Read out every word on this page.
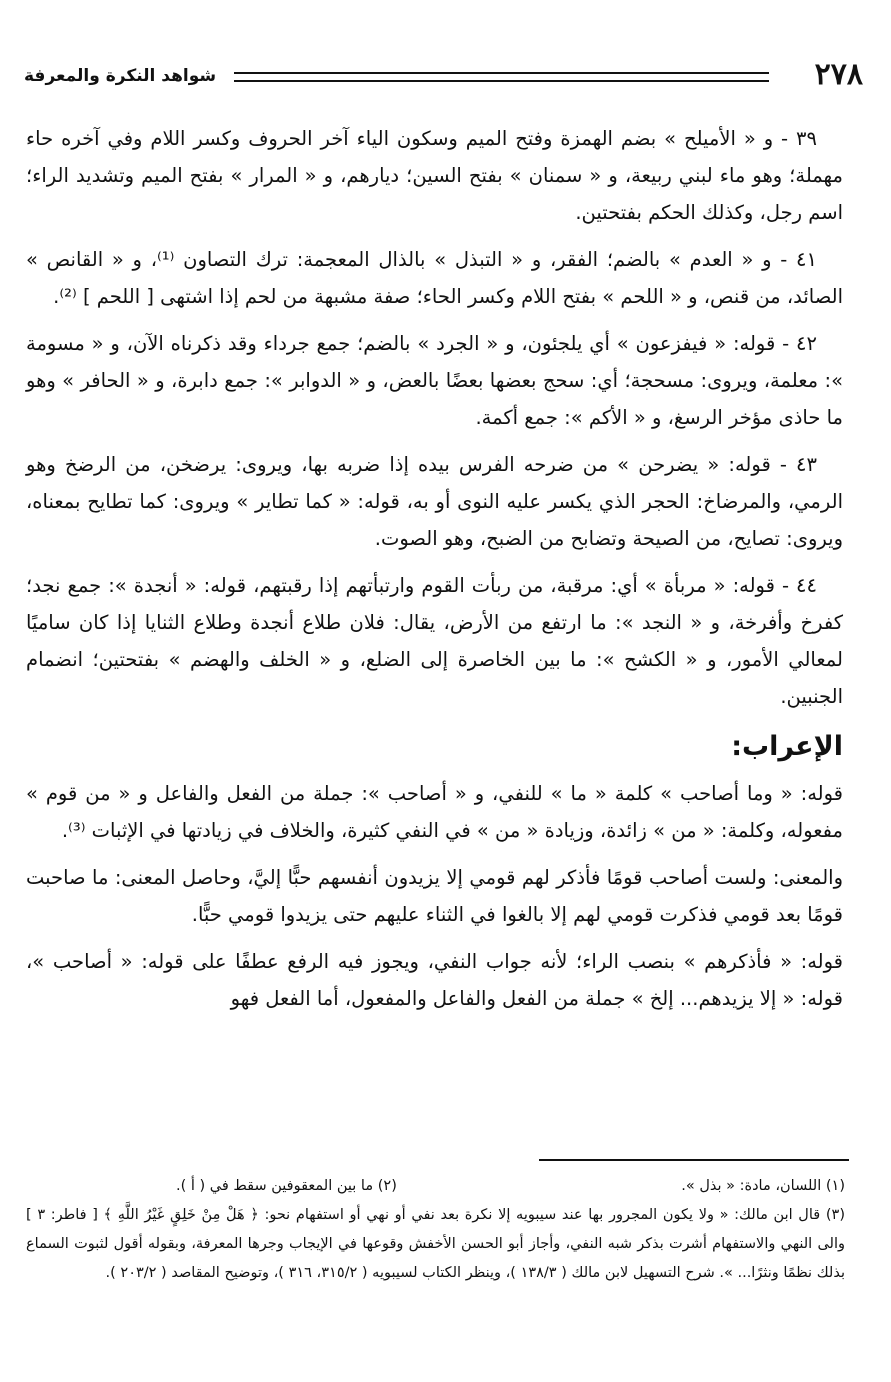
٢٧٨
شواهد النكرة والمعرفة

٣٩ - و « الأميلح » بضم الهمزة وفتح الميم وسكون الياء آخر الحروف وكسر اللام وفي آخره حاء مهملة؛ وهو ماء لبني ربيعة، و « سمنان » بفتح السين؛ ديارهم، و « المرار » بفتح الميم وتشديد الراء؛ اسم رجل، وكذلك الحكم بفتحتين.

٤١ - و « العدم » بالضم؛ الفقر، و « التبذل » بالذال المعجمة: ترك التصاون ⁽¹⁾، و « القانص » الصائد، من قنص، و « اللحم » بفتح اللام وكسر الحاء؛ صفة مشبهة من لحم إذا اشتهى [ اللحم ] ⁽²⁾.

٤٢ - قوله: « فيفزعون » أي يلجئون، و « الجرد » بالضم؛ جمع جرداء وقد ذكرناه الآن، و « مسومة »: معلمة، ويروى: مسحجة؛ أي: سحج بعضها بعضًا بالعض، و « الدوابر »: جمع دابرة، و « الحافر » وهو ما حاذى مؤخر الرسغ، و « الأكم »: جمع أكمة.

٤٣ - قوله: « يضرحن » من ضرحه الفرس بيده إذا ضربه بها، ويروى: يرضخن، من الرضخ وهو الرمي، والمرضاخ: الحجر الذي يكسر عليه النوى أو به، قوله: « كما تطاير » ويروى: كما تطايح بمعناه، ويروى: تصايح، من الصيحة وتضابح من الضبح، وهو الصوت.

٤٤ - قوله: « مربأة » أي: مرقبة، من ربأت القوم وارتبأتهم إذا رقبتهم، قوله: « أنجدة »: جمع نجد؛ كفرخ وأفرخة، و « النجد »: ما ارتفع من الأرض، يقال: فلان طلاع أنجدة وطلاع الثنايا إذا كان ساميًا لمعالي الأمور، و « الكشح »: ما بين الخاصرة إلى الضلع، و « الخلف والهضم » بفتحتين؛ انضمام الجنبين.

الإعراب:

قوله: « وما أصاحب » كلمة « ما » للنفي، و « أصاحب »: جملة من الفعل والفاعل و « من قوم » مفعوله، وكلمة: « من » زائدة، وزيادة « من » في النفي كثيرة، والخلاف في زيادتها في الإثبات ⁽³⁾.

والمعنى: ولست أصاحب قومًا فأذكر لهم قومي إلا يزيدون أنفسهم حبًّا إليَّ، وحاصل المعنى: ما صاحبت قومًا بعد قومي فذكرت قومي لهم إلا بالغوا في الثناء عليهم حتى يزيدوا قومي حبًّا.

قوله: « فأذكرهم » بنصب الراء؛ لأنه جواب النفي، ويجوز فيه الرفع عطفًا على قوله: « أصاحب »، قوله: « إلا يزيدهم... إلخ » جملة من الفعل والفاعل والمفعول، أما الفعل فهو

(١) اللسان، مادة: « بذل ».
(٢) ما بين المعقوفين سقط في ( أ ).

(٣) قال ابن مالك: « ولا يكون المجرور بها عند سيبويه إلا نكرة بعد نفي أو نهي أو استفهام نحو: ﴿ هَلْ مِنْ خَلِقٍ غَيْرُ اللَّهِ ﴾ [ فاطر: ٣ ] والى النهي والاستفهام أشرت بذكر شبه النفي، وأجاز أبو الحسن الأخفش وقوعها في الإيجاب وجرها المعرفة، وبقوله أقول لثبوت السماع بذلك نظمًا ونثرًا... ». شرح التسهيل لابن مالك ( ١٣٨/٣ )، وينظر الكتاب لسيبويه ( ٣١٥/٢، ٣١٦ )، وتوضيح المقاصد ( ٢٠٣/٢ ).
